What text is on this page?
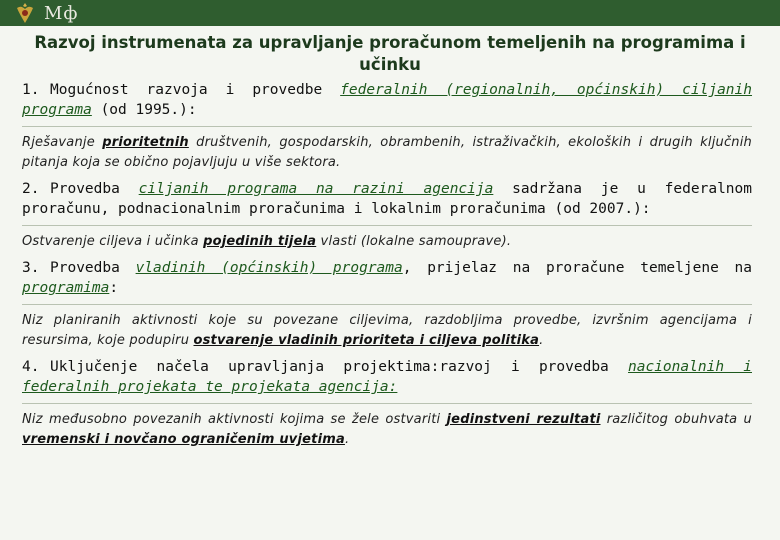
Mф
Razvoj instrumenata za upravljanje proračunom temeljenih na programima i učinku
1. Mogućnost razvoja i provedbe federalnih (regionalnih, općinskih) ciljanih programa (od 1995.):
Rješavanje prioritetnih društvenih, gospodarskih, obrambenih, istraživačkih, ekoloških i drugih ključnih pitanja koja se obično pojavljuju u više sektora.
2. Provedba ciljanih programa na razini agencija sadržana je u federalnom proračunu, podnacionalnim proračunima i lokalnim proračunima (od 2007.):
Ostvarenje ciljeva i učinka pojedinih tijela vlasti (lokalne samouprave).
3. Provedba vladinih (općinskih) programa, prijelaz na proračune temeljene na programima:
Niz planiranih aktivnosti koje su povezane ciljevima, razdobljima provedbe, izvršnim agencijama i resursima, koje podupiru ostvarenje vladinih prioriteta i ciljeva politika.
4. Uključenje načela upravljanja projektima:razvoj i provedba nacionalnih i federalnih projekata te projekata agencija:
Niz međusobno povezanih aktivnosti kojima se žele ostvariti jedinstveni rezultati različitog obuhvata u vremenski i novčano ograničenim uvjetima.
